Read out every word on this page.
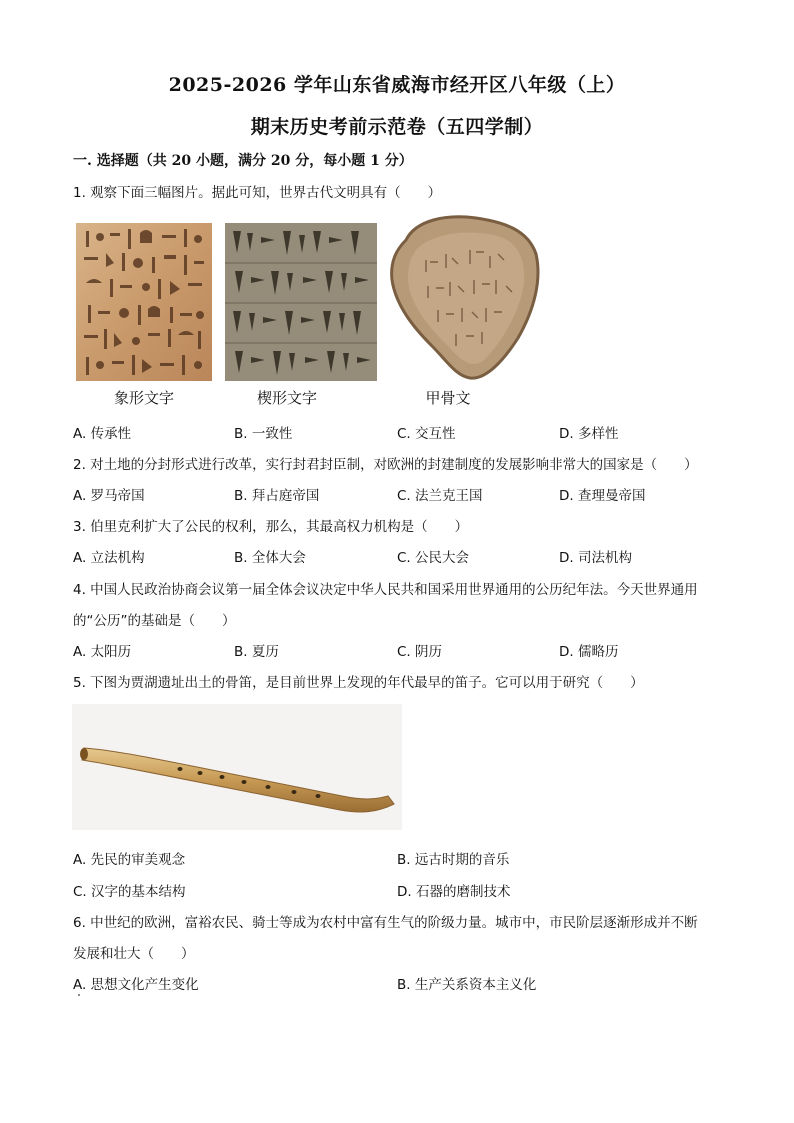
2025-2026 学年山东省威海市经开区八年级（上）
期末历史考前示范卷（五四学制）
一. 选择题（共 20 小题，满分 20 分，每小题 1 分）
1. 观察下面三幅图片。据此可知，世界古代文明具有（　　）
象形文字	楔形文字	甲骨文
A. 传承性	B. 一致性	C. 交互性	D. 多样性
2. 对土地的分封形式进行改革，实行封君封臣制，对欧洲的封建制度的发展影响非常大的国家是（　　）
A. 罗马帝国	B. 拜占庭帝国	C. 法兰克王国	D. 查理曼帝国
3. 伯里克利扩大了公民的权利，那么，其最高权力机构是（　　）
A. 立法机构	B. 全体大会	C. 公民大会	D. 司法机构
4. 中国人民政治协商会议第一届全体会议决定中华人民共和国采用世界通用的公历纪年法。今天世界通用
的“公历”的基础是（　　）
A. 太阳历	B. 夏历	C. 阴历	D. 儒略历
5. 下图为贾湖遗址出土的骨笛，是目前世界上发现的年代最早的笛子。它可以用于研究（　　）
A. 先民的审美观念	B. 远古时期的音乐
C. 汉字的基本结构	D. 石器的磨制技术
6. 中世纪的欧洲，富裕农民、骑士等成为农村中富有生气的阶级力量。城市中，市民阶层逐渐形成并不断
发展和壮大（　　）
A. 思想文化产生变化	B. 生产关系资本主义化
